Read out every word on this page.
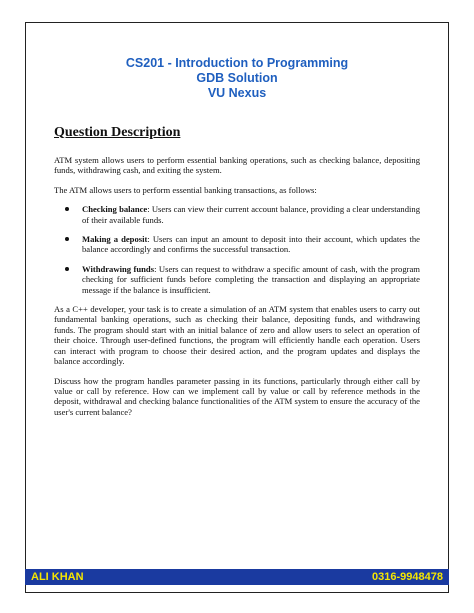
CS201 - Introduction to Programming
GDB Solution
VU Nexus
Question Description

ATM system allows users to perform essential banking operations, such as checking balance, depositing funds, withdrawing cash, and exiting the system.

The ATM allows users to perform essential banking transactions, as follows:

Checking balance: Users can view their current account balance, providing a clear understanding of their available funds.
Making a deposit: Users can input an amount to deposit into their account, which updates the balance accordingly and confirms the successful transaction.
Withdrawing funds: Users can request to withdraw a specific amount of cash, with the program checking for sufficient funds before completing the transaction and displaying an appropriate message if the balance is insufficient.

As a C++ developer, your task is to create a simulation of an ATM system that enables users to carry out fundamental banking operations, such as checking their balance, depositing funds, and withdrawing funds. The program should start with an initial balance of zero and allow users to select an operation of their choice. Through user-defined functions, the program will efficiently handle each operation. Users can interact with program to choose their desired action, and the program updates and displays the balance accordingly.

Discuss how the program handles parameter passing in its functions, particularly through either call by value or call by reference. How can we implement call by value or call by reference methods in the deposit, withdrawal and checking balance functionalities of the ATM system to ensure the accuracy of the user's current balance?

ALI KHAN	0316-9948478
